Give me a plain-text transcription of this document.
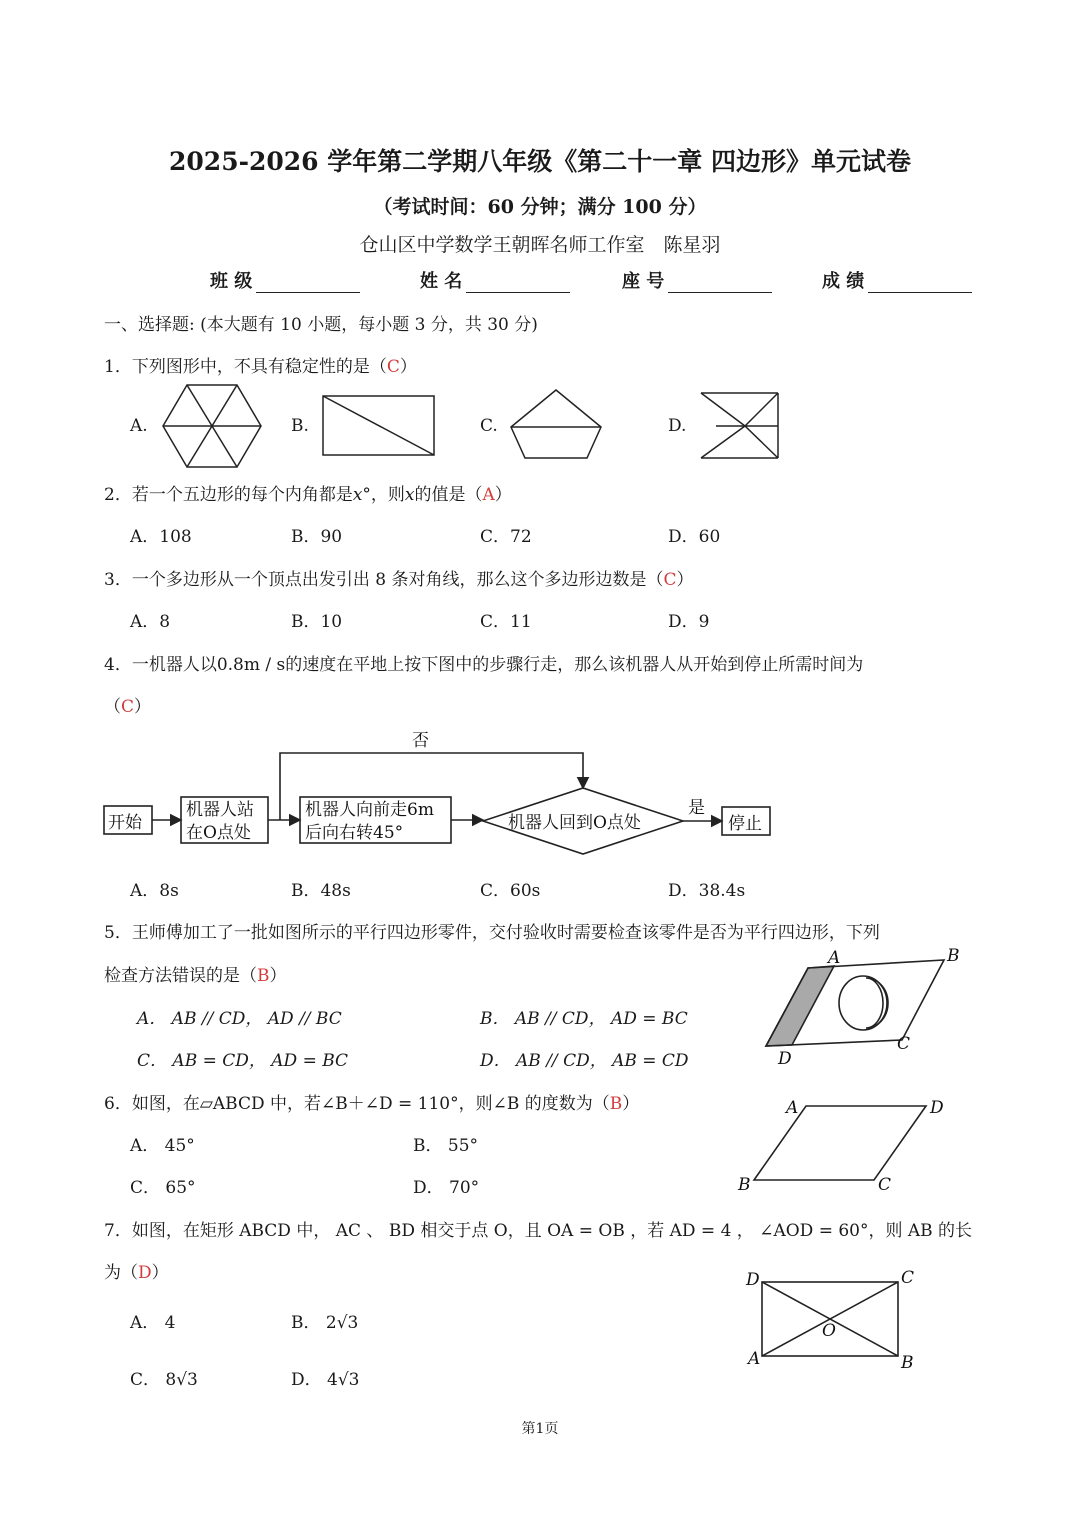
2025-2026 学年第二学期八年级《第二十一章 四边形》单元试卷
（考试时间：60 分钟；满分 100 分）
仓山区中学数学王朝晖名师工作室　陈星羽
班 级	姓 名	座 号	成 绩
一、选择题: (本大题有 10 小题，每小题 3 分，共 30 分)
1．下列图形中，不具有稳定性的是（C）
A.	B.	C.	D.
2．若一个五边形的每个内角都是x°，则x的值是（A）
A．108	B．90	C．72	D．60
3．一个多边形从一个顶点出发引出 8 条对角线，那么这个多边形边数是（C）
A．8	B．10	C．11	D．9
4．一机器人以0.8m / s的速度在平地上按下图中的步骤行走，那么该机器人从开始到停止所需时间为
（C）
开始
机器人站
在O点处
机器人向前走6m
后向右转45°	机器人回到O点处
否
是
停止
A．8s	B．48s	C．60s	D．38.4s
5．王师傅加工了一批如图所示的平行四边形零件，交付验收时需要检查该零件是否为平行四边形，下列
检查方法错误的是（B）
A． AB // CD， AD // BC	B． AB // CD， AD = BC
C． AB = CD， AD = BC	D． AB // CD， AB = CD
A	B
C
D
6．如图，在▱ABCD 中，若∠B＋∠D = 110°，则∠B 的度数为（B）
A． 45°	B． 55°
C． 65°	D． 70°
A	D
B	C
7．如图，在矩形 ABCD 中， AC 、 BD 相交于点 O，且 OA = OB ，若 AD = 4 ， ∠AOD = 60°，则 AB 的长
为（D）
A． 4	B． 2√3
C． 8√3	D． 4√3
D	C
O
A	B
第1页
